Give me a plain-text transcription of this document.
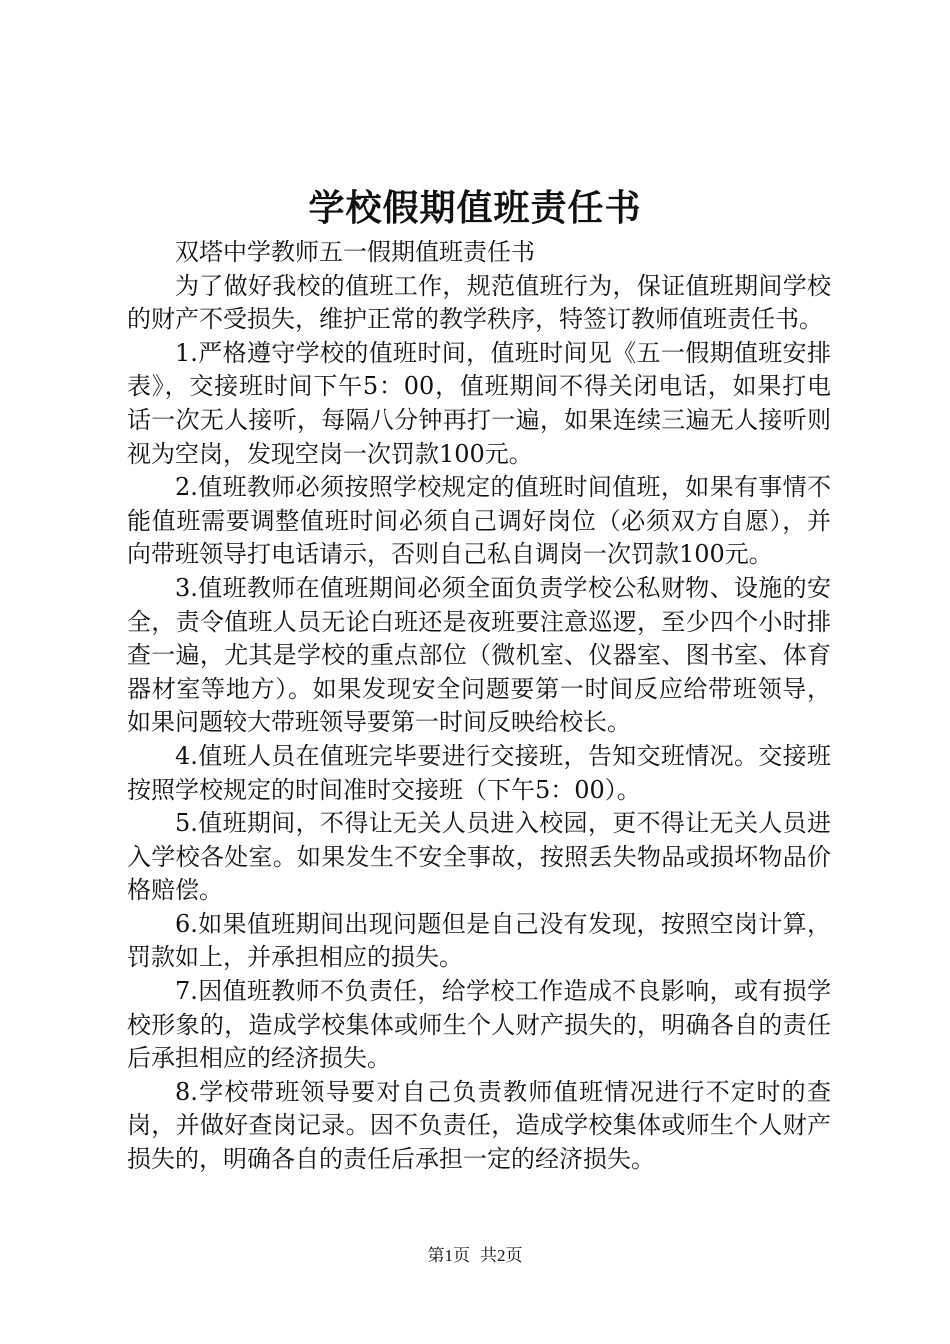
学校假期值班责任书

双塔中学教师五一假期值班责任书

为了做好我校的值班工作，规范值班行为，保证值班期间学校的财产不受损失，维护正常的教学秩序，特签订教师值班责任书。

1.严格遵守学校的值班时间，值班时间见《五一假期值班安排表》，交接班时间下午5：00，值班期间不得关闭电话，如果打电话一次无人接听，每隔八分钟再打一遍，如果连续三遍无人接听则视为空岗，发现空岗一次罚款100元。

2.值班教师必须按照学校规定的值班时间值班，如果有事情不能值班需要调整值班时间必须自己调好岗位（必须双方自愿），并向带班领导打电话请示，否则自己私自调岗一次罚款100元。

3.值班教师在值班期间必须全面负责学校公私财物、设施的安全，责令值班人员无论白班还是夜班要注意巡逻，至少四个小时排查一遍，尤其是学校的重点部位（微机室、仪器室、图书室、体育器材室等地方）。如果发现安全问题要第一时间反应给带班领导，如果问题较大带班领导要第一时间反映给校长。

4.值班人员在值班完毕要进行交接班，告知交班情况。交接班按照学校规定的时间准时交接班（下午5：00）。

5.值班期间，不得让无关人员进入校园，更不得让无关人员进入学校各处室。如果发生不安全事故，按照丢失物品或损坏物品价格赔偿。

6.如果值班期间出现问题但是自己没有发现，按照空岗计算，罚款如上，并承担相应的损失。

7.因值班教师不负责任，给学校工作造成不良影响，或有损学校形象的，造成学校集体或师生个人财产损失的，明确各自的责任后承担相应的经济损失。

8.学校带班领导要对自己负责教师值班情况进行不定时的查岗，并做好查岗记录。因不负责任，造成学校集体或师生个人财产损失的，明确各自的责任后承担一定的经济损失。

第1页 共2页
